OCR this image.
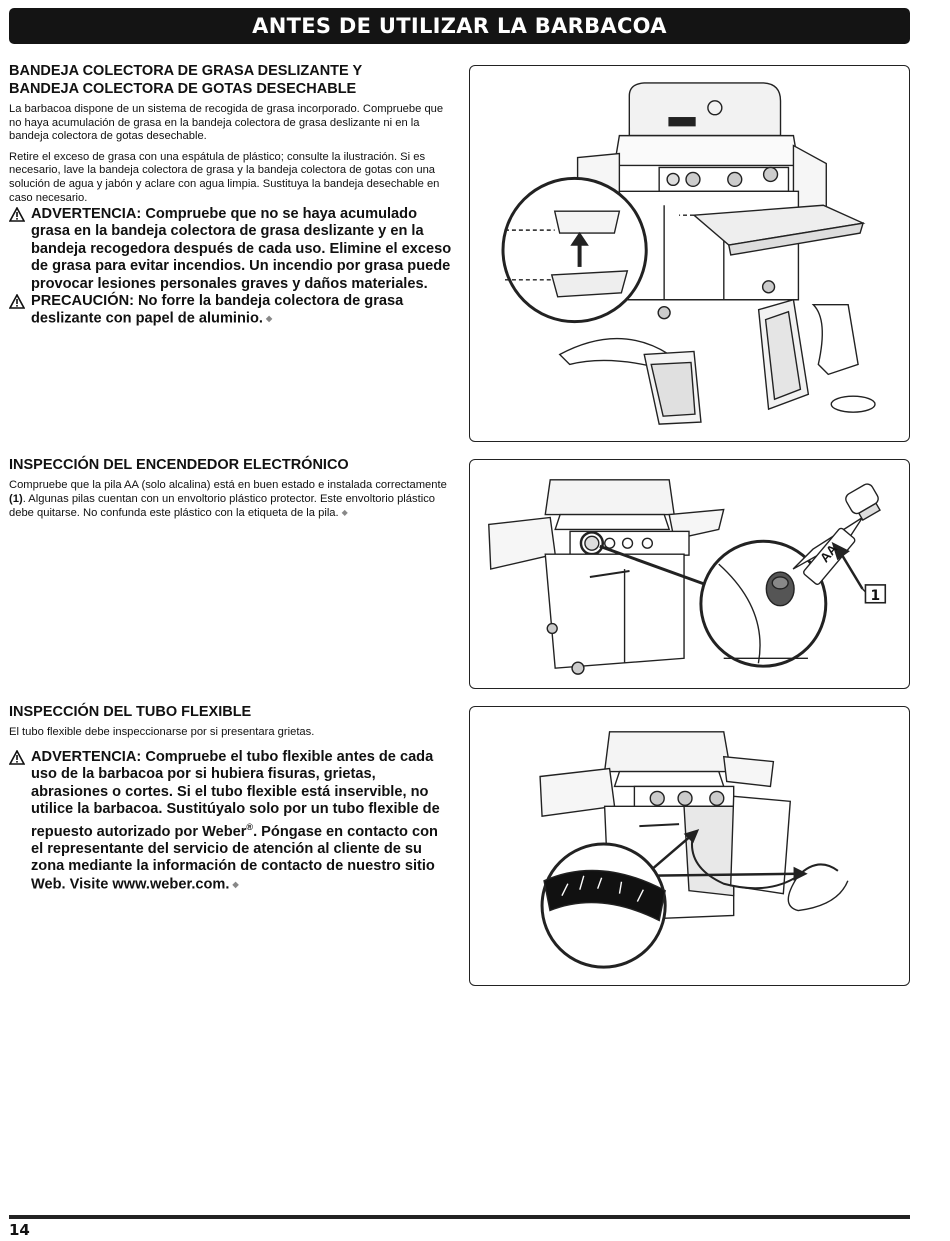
ANTES DE UTILIZAR LA BARBACOA
BANDEJA COLECTORA DE GRASA DESLIZANTE Y
BANDEJA COLECTORA DE GOTAS DESECHABLE

La barbacoa dispone de un sistema de recogida de grasa incorporado. Compruebe que no haya acumulación de grasa en la bandeja colectora de grasa deslizante ni en la bandeja colectora de gotas desechable.

Retire el exceso de grasa con una espátula de plástico; consulte la ilustración. Si es necesario, lave la bandeja colectora de grasa y la bandeja colectora de gotas con una solución de agua y jabón y aclare con agua limpia. Sustituya la bandeja desechable en caso necesario.

ADVERTENCIA: Compruebe que no se haya acumulado grasa en la bandeja colectora de grasa deslizante y en la bandeja recogedora después de cada uso. Elimine el exceso de grasa para evitar incendios. Un incendio por grasa puede provocar lesiones personales graves y daños materiales.
PRECAUCIÓN: No forre la bandeja colectora de grasa deslizante con papel de aluminio. ◆
INSPECCIÓN DEL ENCENDEDOR ELECTRÓNICO
Compruebe que la pila AA (solo alcalina) está en buen estado e instalada correctamente (1). Algunas pilas cuentan con un envoltorio plástico protector. Este envoltorio plástico debe quitarse. No confunda este plástico con la etiqueta de la pila. ◆
AA
1
INSPECCIÓN DEL TUBO FLEXIBLE
El tubo flexible debe inspeccionarse por si presentara grietas.
ADVERTENCIA: Compruebe el tubo flexible antes de cada uso de la barbacoa por si hubiera fisuras, grietas, abrasiones o cortes. Si el tubo flexible está inservible, no utilice la barbacoa. Sustitúyalo solo por un tubo flexible de repuesto autorizado por Weber®. Póngase en contacto con el representante del servicio de atención al cliente de su zona mediante la información de contacto de nuestro sitio Web. Visite www.weber.com. ◆
14
